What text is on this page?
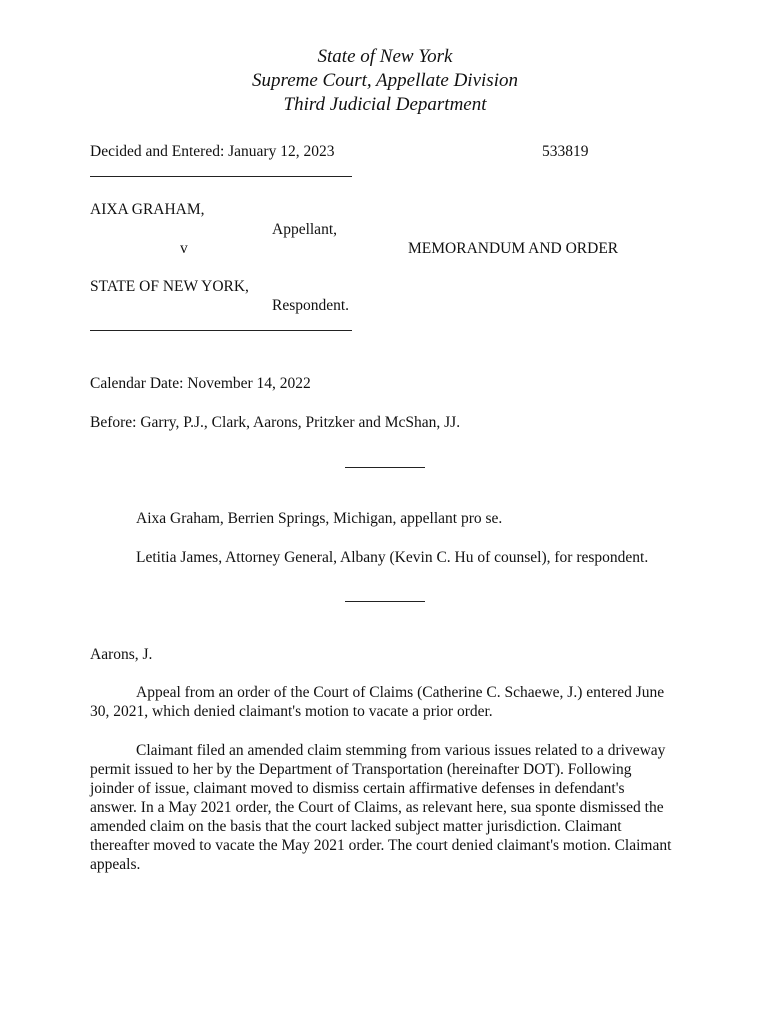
State of New York
Supreme Court, Appellate Division
Third Judicial Department
Decided and Entered: January 12, 2023	533819
AIXA GRAHAM,
Appellant,
v	MEMORANDUM AND ORDER
STATE OF NEW YORK,
Respondent.
Calendar Date: November 14, 2022
Before: Garry, P.J., Clark, Aarons, Pritzker and McShan, JJ.
Aixa Graham, Berrien Springs, Michigan, appellant pro se.
Letitia James, Attorney General, Albany (Kevin C. Hu of counsel), for respondent.
Aarons, J.
Appeal from an order of the Court of Claims (Catherine C. Schaewe, J.) entered June 30, 2021, which denied claimant's motion to vacate a prior order.
Claimant filed an amended claim stemming from various issues related to a driveway permit issued to her by the Department of Transportation (hereinafter DOT). Following joinder of issue, claimant moved to dismiss certain affirmative defenses in defendant's answer. In a May 2021 order, the Court of Claims, as relevant here, sua sponte dismissed the amended claim on the basis that the court lacked subject matter jurisdiction. Claimant thereafter moved to vacate the May 2021 order. The court denied claimant's motion. Claimant appeals.
